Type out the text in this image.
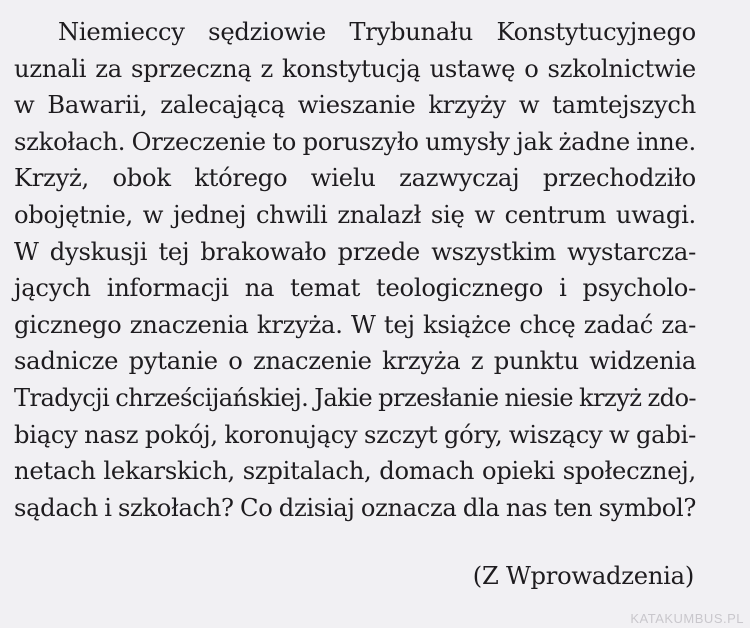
Niemieccy sędziowie Trybunału Konstytucyjnego
uznali za sprzeczną z konstytucją ustawę o szkolnictwie
w Bawarii, zalecającą wieszanie krzyży w tamtejszych
szkołach. Orzeczenie to poruszyło umysły jak żadne inne.
Krzyż, obok którego wielu zazwyczaj przechodziło
obojętnie, w jednej chwili znalazł się w centrum uwagi.
W dyskusji tej brakowało przede wszystkim wystarcza-
jących informacji na temat teologicznego i psycholo-
gicznego znaczenia krzyża. W tej książce chcę zadać za-
sadnicze pytanie o znaczenie krzyża z punktu widzenia
Tradycji chrześcijańskiej. Jakie przesłanie niesie krzyż zdo-
biący nasz pokój, koronujący szczyt góry, wiszący w gabi-
netach lekarskich, szpitalach, domach opieki społecznej,
sądach i szkołach? Co dzisiaj oznacza dla nas ten symbol?
(Z Wprowadzenia)
KATAKUMBUS.PL
